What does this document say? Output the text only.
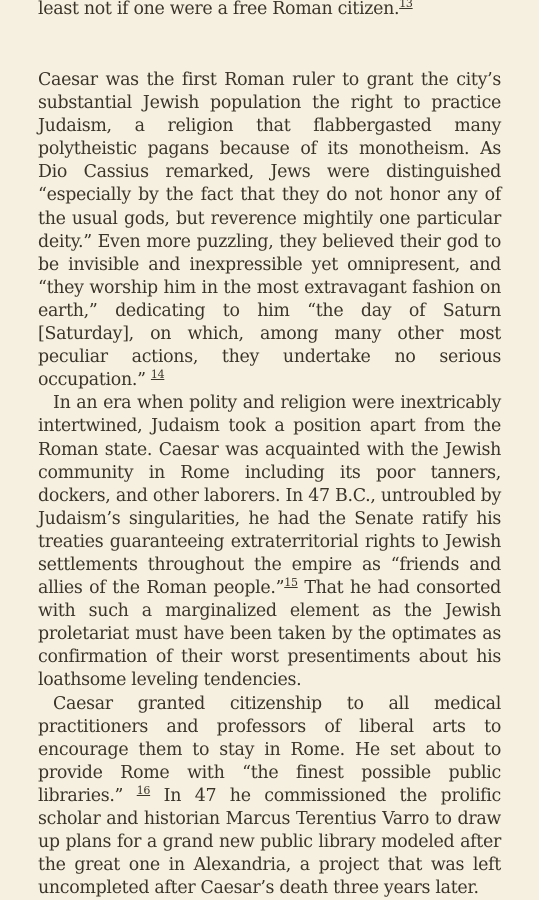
least not if one were a free Roman citizen.$^{13}$

Caesar was the first Roman ruler to grant the city’s substantial Jewish population the right to practice Judaism, a religion that flabbergasted many polytheistic pagans because of its monotheism. As Dio Cassius remarked, Jews were distinguished “especially by the fact that they do not honor any of the usual gods, but reverence mightily one particular deity.” Even more puzzling, they believed their god to be invisible and inexpressible yet omnipresent, and “they worship him in the most extravagant fashion on earth,” dedicating to him “the day of Saturn [Saturday], on which, among many other most peculiar actions, they undertake no serious occupation.” $^{14}$

In an era when polity and religion were inextricably intertwined, Judaism took a position apart from the Roman state. Caesar was acquainted with the Jewish community in Rome including its poor tanners, dockers, and other laborers. In 47 B.C., untroubled by Judaism’s singularities, he had the Senate ratify his treaties guaranteeing extraterritorial rights to Jewish settlements throughout the empire as “friends and allies of the Roman people.”$^{15}$ That he had consorted with such a marginalized element as the Jewish proletariat must have been taken by the optimates as confirmation of their worst presentiments about his loathsome leveling tendencies.

Caesar granted citizenship to all medical practitioners and professors of liberal arts to encourage them to stay in Rome. He set about to provide Rome with “the finest possible public libraries.” $^{16}$ In 47 he commissioned the prolific scholar and historian Marcus Terentius Varro to draw up plans for a grand new public library modeled after the great one in Alexandria, a project that was left uncompleted after Caesar’s death three years later.
